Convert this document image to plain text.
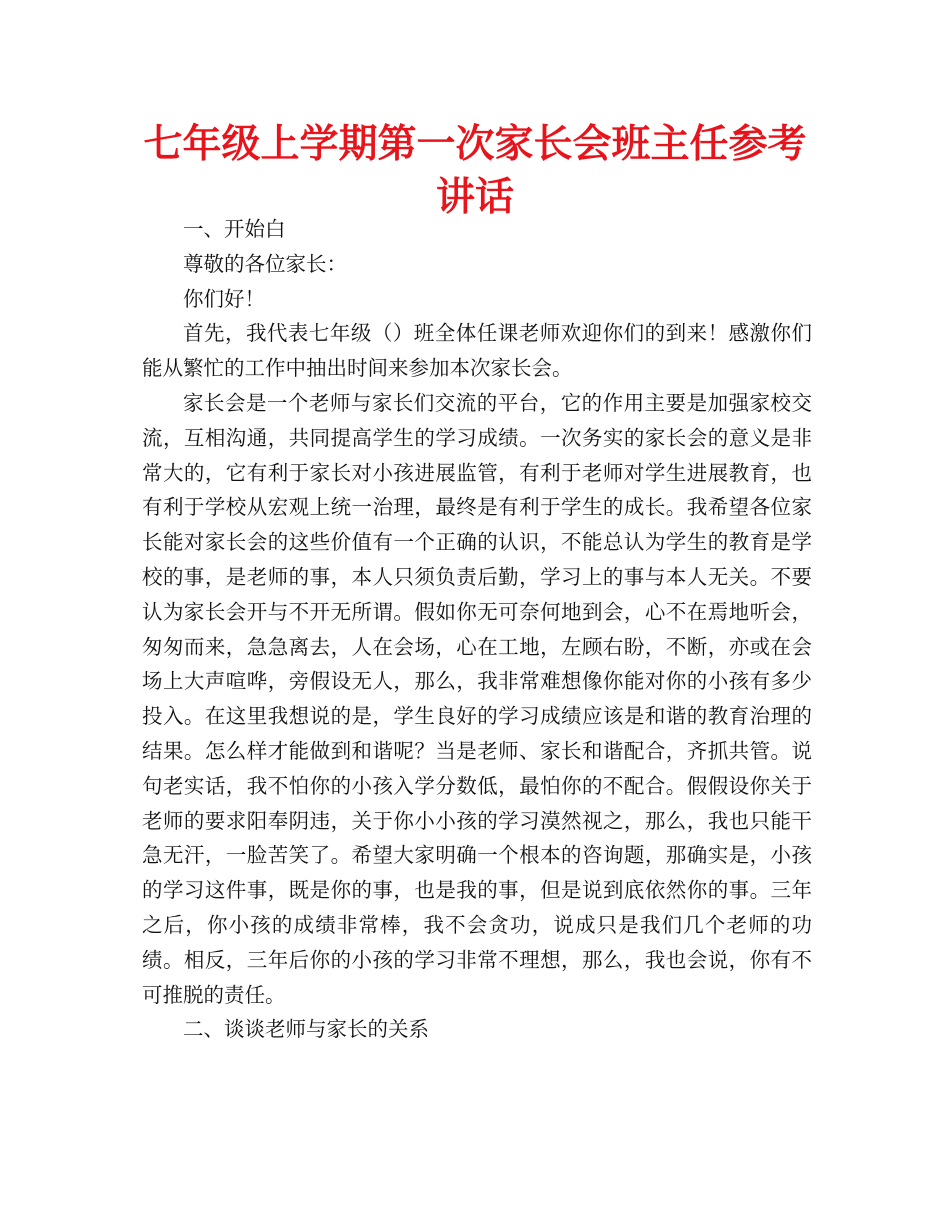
七年级上学期第一次家长会班主任参考讲话

一、开始白

尊敬的各位家长：

你们好！

首先，我代表七年级（）班全体任课老师欢迎你们的到来！感激你们能从繁忙的工作中抽出时间来参加本次家长会。

家长会是一个老师与家长们交流的平台，它的作用主要是加强家校交流，互相沟通，共同提高学生的学习成绩。一次务实的家长会的意义是非常大的，它有利于家长对小孩进展监管，有利于老师对学生进展教育，也有利于学校从宏观上统一治理，最终是有利于学生的成长。我希望各位家长能对家长会的这些价值有一个正确的认识，不能总认为学生的教育是学校的事，是老师的事，本人只须负责后勤，学习上的事与本人无关。不要认为家长会开与不开无所谓。假如你无可奈何地到会，心不在焉地听会，匆匆而来，急急离去，人在会场，心在工地，左顾右盼，不断，亦或在会场上大声喧哗，旁假设无人，那么，我非常难想像你能对你的小孩有多少投入。在这里我想说的是，学生良好的学习成绩应该是和谐的教育治理的结果。怎么样才能做到和谐呢？当是老师、家长和谐配合，齐抓共管。说句老实话，我不怕你的小孩入学分数低，最怕你的不配合。假假设你关于老师的要求阳奉阴违，关于你小小孩的学习漠然视之，那么，我也只能干急无汗，一脸苦笑了。希望大家明确一个根本的咨询题，那确实是，小孩的学习这件事，既是你的事，也是我的事，但是说到底依然你的事。三年之后，你小孩的成绩非常棒，我不会贪功，说成只是我们几个老师的功绩。相反，三年后你的小孩的学习非常不理想，那么，我也会说，你有不可推脱的责任。

二、谈谈老师与家长的关系
